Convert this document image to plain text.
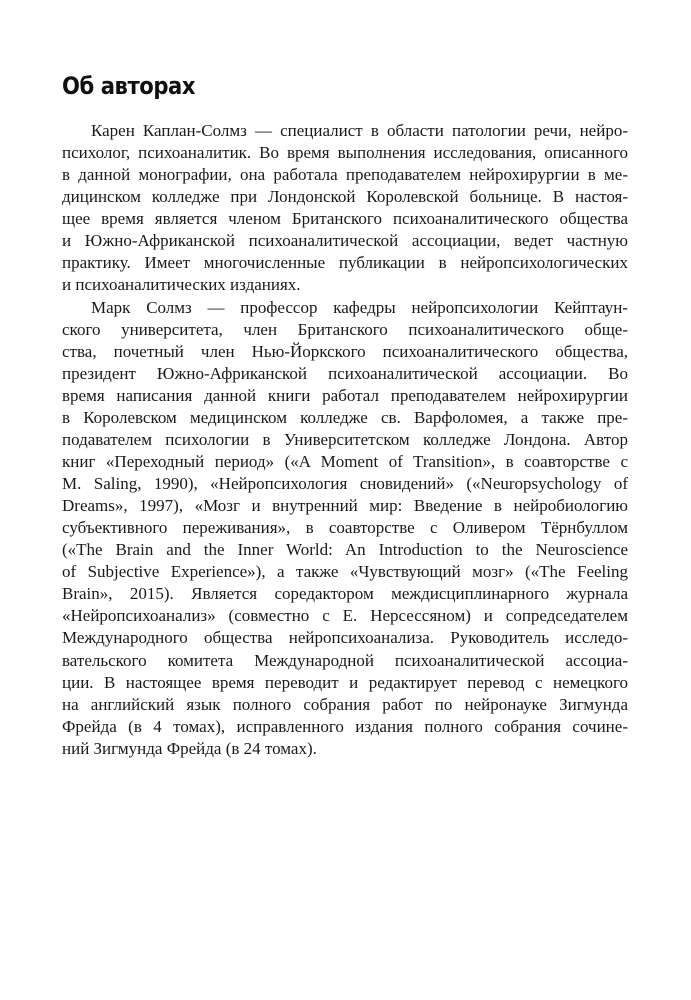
Об авторах
Карен Каплан-Солмз — специалист в области патологии речи, нейро-
психолог, психоаналитик. Во время выполнения исследования, описанного
в данной монографии, она работала преподавателем нейрохирургии в ме-
дицинском колледже при Лондонской Королевской больнице. В настоя-
щее время является членом Британского психоаналитического общества
и Южно-Африканской психоаналитической ассоциации, ведет частную
практику. Имеет многочисленные публикации в нейропсихологических
и психоаналитических изданиях.
Марк Солмз — профессор кафедры нейропсихологии Кейптаун-
ского университета, член Британского психоаналитического обще-
ства, почетный член Нью-Йоркского психоаналитического общества,
президент Южно-Африканской психоаналитической ассоциации. Во
время написания данной книги работал преподавателем нейрохирургии
в Королевском медицинском колледже св. Варфоломея, а также пре-
подавателем психологии в Университетском колледже Лондона. Автор
книг «Переходный период» («A Moment of Transition», в соавторстве с
M. Saling, 1990), «Нейропсихология сновидений» («Neuropsychology of
Dreams», 1997), «Мозг и внутренний мир: Введение в нейробиологию
субъективного переживания», в соавторстве с Оливером Тёрнбуллом
(«The Brain and the Inner World: An Introduction to the Neuroscience
of Subjective Experience»), а также «Чувствующий мозг» («The Feeling
Brain», 2015). Является соредактором междисциплинарного журнала
«Нейропсихоанализ» (совместно с Е. Нерсессяном) и сопредседателем
Международного общества нейропсихоанализа. Руководитель исследо-
вательского комитета Международной психоаналитической ассоциа-
ции. В настоящее время переводит и редактирует перевод с немецкого
на английский язык полного собрания работ по нейронауке Зигмунда
Фрейда (в 4 томах), исправленного издания полного собрания сочине-
ний Зигмунда Фрейда (в 24 томах).
